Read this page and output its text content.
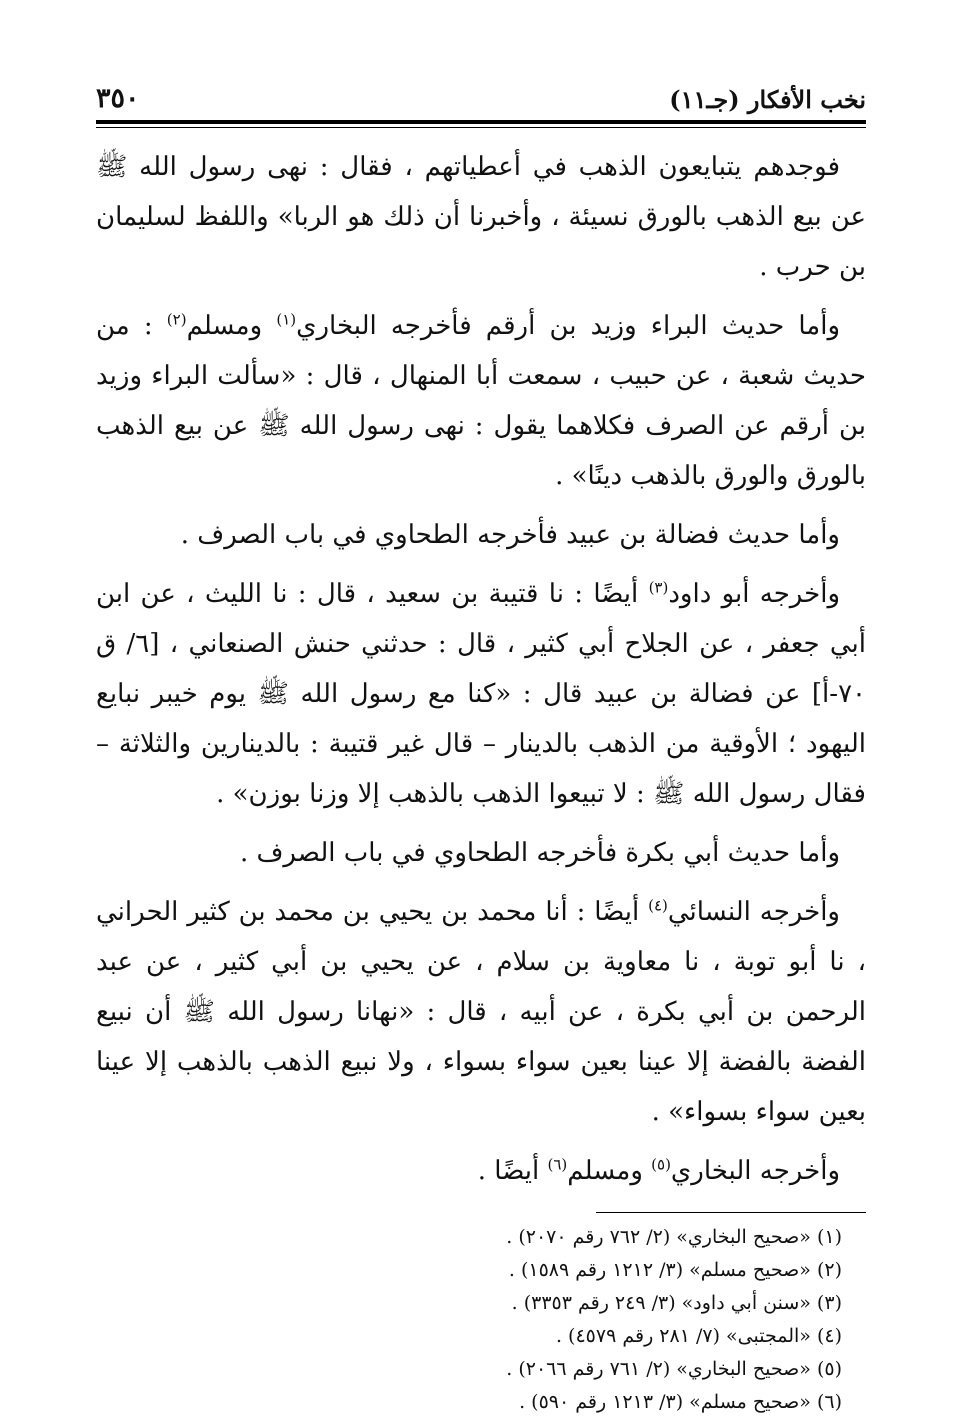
نخب الأفكار (جـ١١)
٣٥٠

فوجدهم يتبايعون الذهب في أعطياتهم ، فقال : نهى رسول الله ﷺ عن بيع الذهب بالورق نسيئة ، وأخبرنا أن ذلك هو الربا» واللفظ لسليمان بن حرب .

وأما حديث البراء وزيد بن أرقم فأخرجه البخاري$^{(١)}$ ومسلم$^{(٢)}$ : من حديث شعبة ، عن حبيب ، سمعت أبا المنهال ، قال : «سألت البراء وزيد بن أرقم عن الصرف فكلاهما يقول : نهى رسول الله ﷺ عن بيع الذهب بالورق والورق بالذهب دينًا» .

وأما حديث فضالة بن عبيد فأخرجه الطحاوي في باب الصرف .

وأخرجه أبو داود$^{(٣)}$ أيضًا : نا قتيبة بن سعيد ، قال : نا الليث ، عن ابن أبي جعفر ، عن الجلاح أبي كثير ، قال : حدثني حنش الصنعاني ، [٦/ ق ٧٠-أ] عن فضالة بن عبيد قال : «كنا مع رسول الله ﷺ يوم خيبر نبايع اليهود ؛ الأوقية من الذهب بالدينار – قال غير قتيبة : بالدينارين والثلاثة – فقال رسول الله ﷺ : لا تبيعوا الذهب بالذهب إلا وزنا بوزن» .

وأما حديث أبي بكرة فأخرجه الطحاوي في باب الصرف .

وأخرجه النسائي$^{(٤)}$ أيضًا : أنا محمد بن يحيي بن محمد بن كثير الحراني ، نا أبو توبة ، نا معاوية بن سلام ، عن يحيي بن أبي كثير ، عن عبد الرحمن بن أبي بكرة ، عن أبيه ، قال : «نهانا رسول الله ﷺ أن نبيع الفضة بالفضة إلا عينا بعين سواء بسواء ، ولا نبيع الذهب بالذهب إلا عينا بعين سواء بسواء» .

وأخرجه البخاري$^{(٥)}$ ومسلم$^{(٦)}$ أيضًا .

(١) «صحيح البخاري» (٢/ ٧٦٢ رقم ٢٠٧٠) .
(٢) «صحيح مسلم» (٣/ ١٢١٢ رقم ١٥٨٩) .
(٣) «سنن أبي داود» (٣/ ٢٤٩ رقم ٣٣٥٣) .
(٤) «المجتبى» (٧/ ٢٨١ رقم ٤٥٧٩) .
(٥) «صحيح البخاري» (٢/ ٧٦١ رقم ٢٠٦٦) .
(٦) «صحيح مسلم» (٣/ ١٢١٣ رقم ٥٩٠) .
